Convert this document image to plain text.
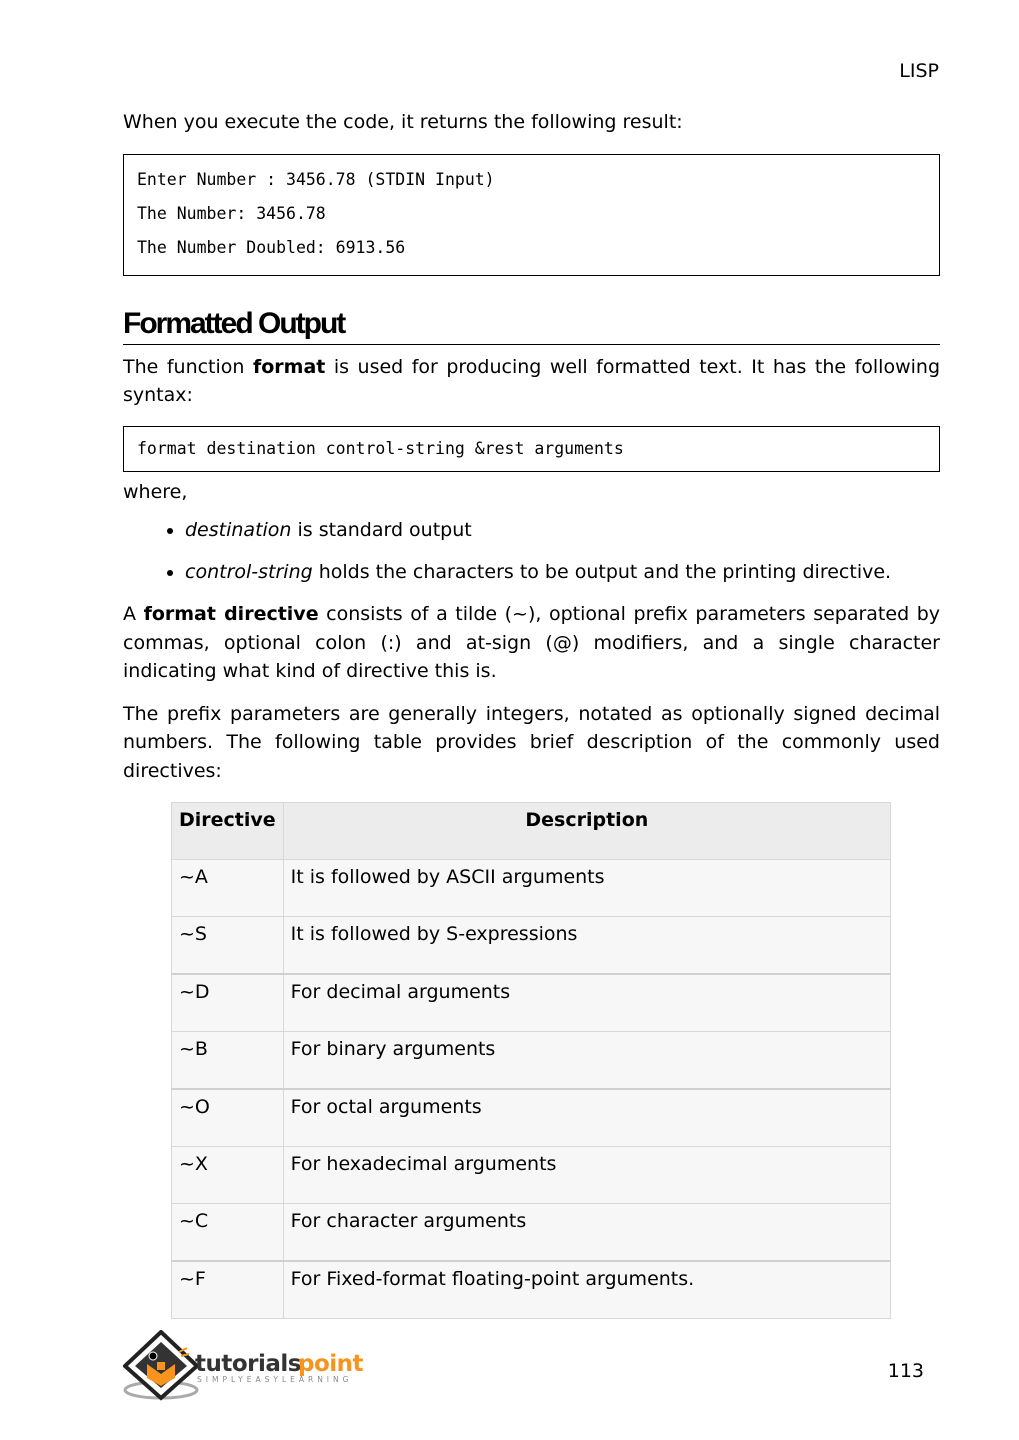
LISP

When you execute the code, it returns the following result:

Enter Number : 3456.78 (STDIN Input)
The Number: 3456.78
The Number Doubled: 6913.56
Formatted Output

The function format is used for producing well formatted text. It has the following syntax:

format destination control-string &rest arguments

where,

• destination is standard output
• control-string holds the characters to be output and the printing directive.

A format directive consists of a tilde (~), optional prefix parameters separated by commas, optional colon (:) and at-sign (@) modifiers, and a single character indicating what kind of directive this is.

The prefix parameters are generally integers, notated as optionally signed decimal numbers. The following table provides brief description of the commonly used directives:

Directive	Description
~A	It is followed by ASCII arguments
~S	It is followed by S-expressions
~D	For decimal arguments
~B	For binary arguments
~O	For octal arguments
~X	For hexadecimal arguments
~C	For character arguments
~F	For Fixed-format floating-point arguments.
tutorials
point
SIMPLYEASYLEARNING	113
